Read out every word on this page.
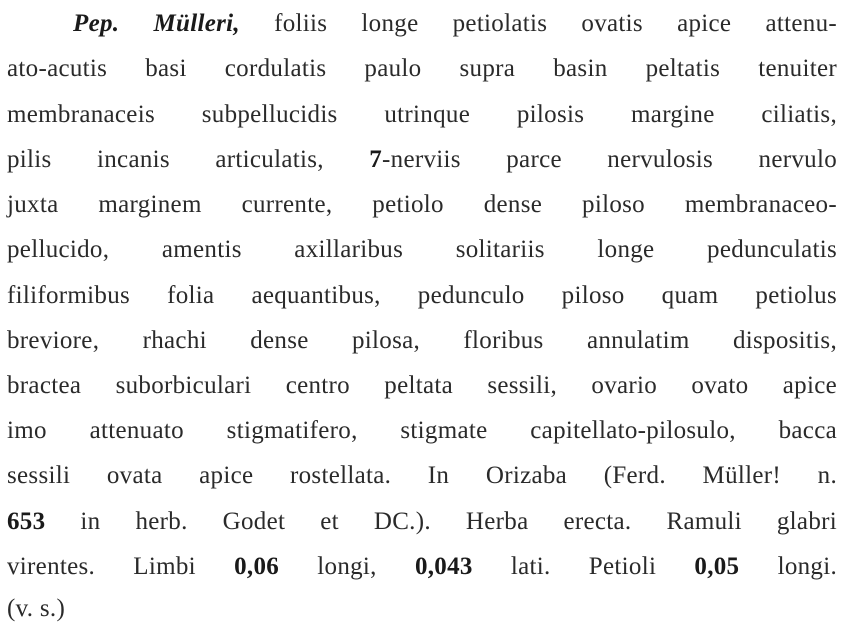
Pep. Mülleri, foliis longe petiolatis ovatis apice attenu-
ato-acutis basi cordulatis paulo supra basin peltatis tenuiter
membranaceis subpellucidis utrinque pilosis margine ciliatis,
pilis incanis articulatis, 7-nerviis parce nervulosis nervulo
juxta marginem currente, petiolo dense piloso membranaceo-
pellucido, amentis axillaribus solitariis longe pedunculatis
filiformibus folia aequantibus, pedunculo piloso quam petiolus
breviore, rhachi dense pilosa, floribus annulatim dispositis,
bractea suborbiculari centro peltata sessili, ovario ovato apice
imo attenuato stigmatifero, stigmate capitellato-pilosulo, bacca
sessili ovata apice rostellata. In Orizaba (Ferd. Müller! n.
653 in herb. Godet et DC.). Herba erecta. Ramuli glabri
virentes. Limbi 0,06 longi, 0,043 lati. Petioli 0,05 longi.
(v. s.)
